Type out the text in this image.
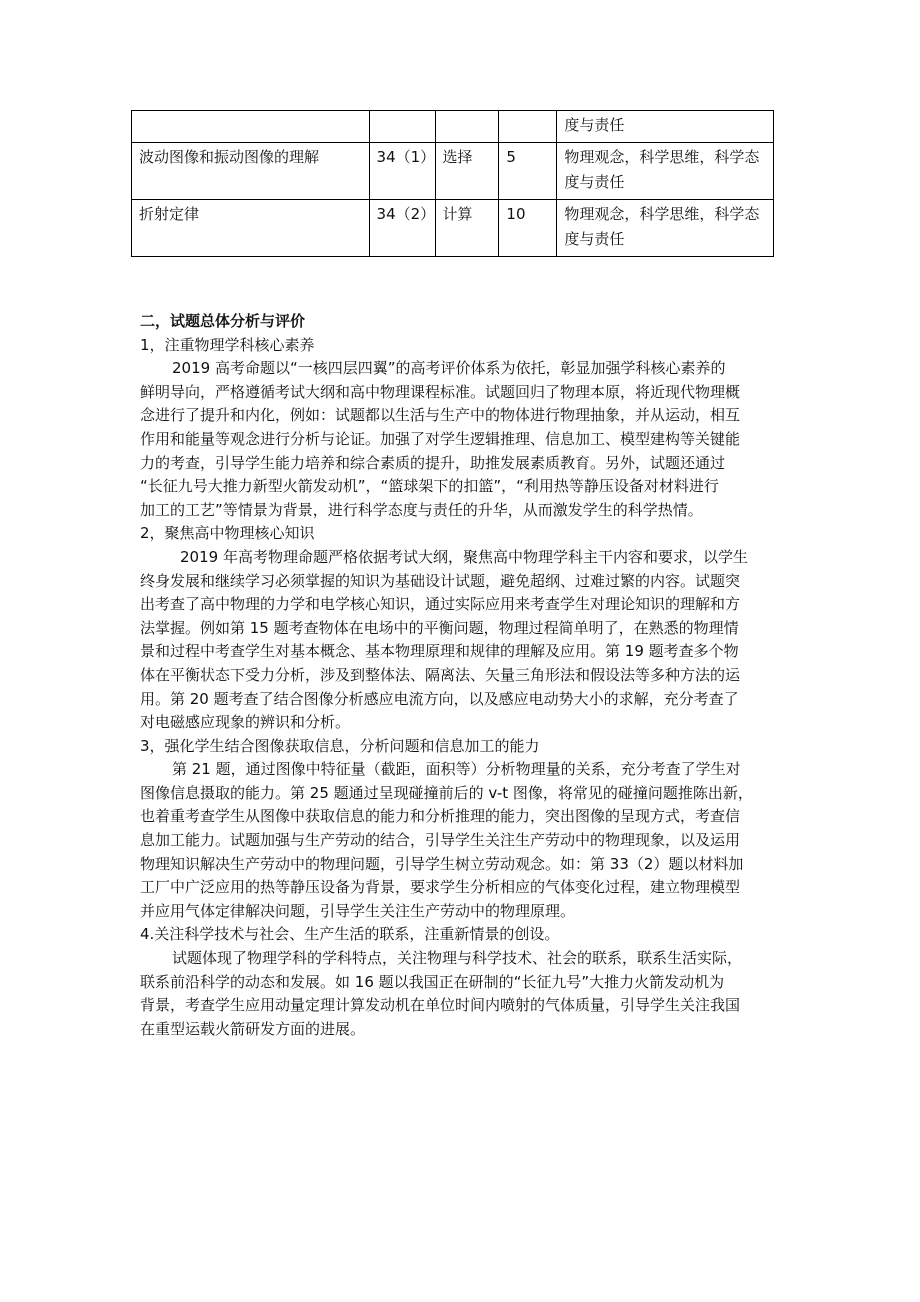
				度与责任

波动图像和振动图像的理解	34（1）	选择	5	物理观念，科学思维，科学态
度与责任

折射定律	34（2）	计算	10	物理观念，科学思维，科学态
度与责任
二，试题总体分析与评价
1，注重物理学科核心素养
2019 高考命题以“一核四层四翼”的高考评价体系为依托，彰显加强学科核心素养的
鲜明导向，严格遵循考试大纲和高中物理课程标准。试题回归了物理本原，将近现代物理概
念进行了提升和内化，例如：试题都以生活与生产中的物体进行物理抽象，并从运动，相互
作用和能量等观念进行分析与论证。加强了对学生逻辑推理、信息加工、模型建构等关键能
力的考查，引导学生能力培养和综合素质的提升，助推发展素质教育。另外，试题还通过
“长征九号大推力新型火箭发动机”，“篮球架下的扣篮”，“利用热等静压设备对材料进行
加工的工艺”等情景为背景，进行科学态度与责任的升华，从而激发学生的科学热情。
2，聚焦高中物理核心知识
2019 年高考物理命题严格依据考试大纲，聚焦高中物理学科主干内容和要求，以学生
终身发展和继续学习必须掌握的知识为基础设计试题，避免超纲、过难过繁的内容。试题突
出考查了高中物理的力学和电学核心知识，通过实际应用来考查学生对理论知识的理解和方
法掌握。例如第 15 题考查物体在电场中的平衡问题，物理过程简单明了，在熟悉的物理情
景和过程中考查学生对基本概念、基本物理原理和规律的理解及应用。第 19 题考查多个物
体在平衡状态下受力分析，涉及到整体法、隔离法、矢量三角形法和假设法等多种方法的运
用。第 20 题考查了结合图像分析感应电流方向，以及感应电动势大小的求解，充分考查了
对电磁感应现象的辨识和分析。
3，强化学生结合图像获取信息，分析问题和信息加工的能力
第 21 题，通过图像中特征量（截距，面积等）分析物理量的关系，充分考查了学生对
图像信息摄取的能力。第 25 题通过呈现碰撞前后的 v-t 图像，将常见的碰撞问题推陈出新，
也着重考查学生从图像中获取信息的能力和分析推理的能力，突出图像的呈现方式，考查信
息加工能力。试题加强与生产劳动的结合，引导学生关注生产劳动中的物理现象，以及运用
物理知识解决生产劳动中的物理问题，引导学生树立劳动观念。如：第 33（2）题以材料加
工厂中广泛应用的热等静压设备为背景，要求学生分析相应的气体变化过程，建立物理模型
并应用气体定律解决问题，引导学生关注生产劳动中的物理原理。
4.关注科学技术与社会、生产生活的联系，注重新情景的创设。
试题体现了物理学科的学科特点，关注物理与科学技术、社会的联系，联系生活实际，
联系前沿科学的动态和发展。如 16 题以我国正在研制的“长征九号”大推力火箭发动机为
背景，考查学生应用动量定理计算发动机在单位时间内喷射的气体质量，引导学生关注我国
在重型运载火箭研发方面的进展。
